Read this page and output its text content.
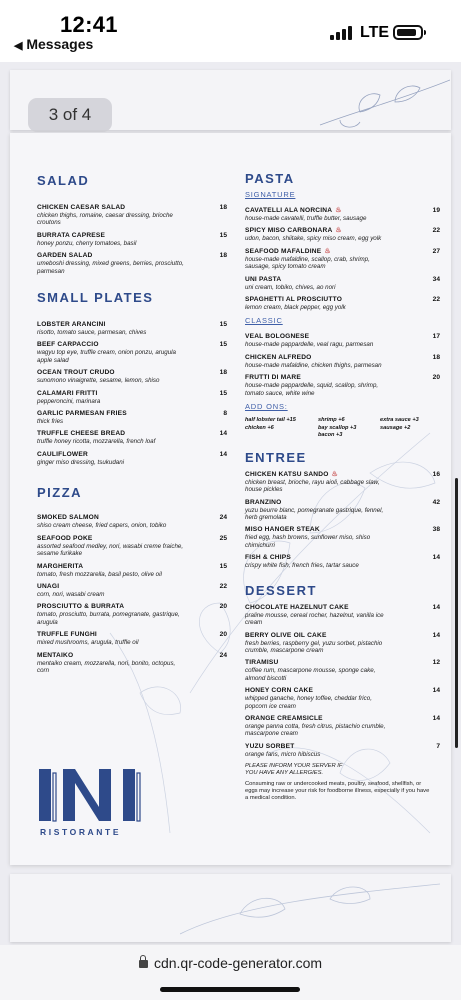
12:41
◀ Messages
LTE
3 of 4
SALAD
CHICKEN CAESAR SALAD
chicken thighs, romaine, caesar dressing, brioche croutons
18
BURRATA CAPRESE
honey ponzu, cherry tomatoes, basil
15
GARDEN SALAD
umeboshi dressing, mixed greens, berries, prosciutto, parmesan
18
SMALL PLATES
LOBSTER ARANCINI
risotto, tomato sauce, parmesan, chives
15
BEEF CARPACCIO
wagyu top eye, truffle cream, onion ponzu, arugula apple salad
15
OCEAN TROUT CRUDO
sunomono vinaigrette, sesame, lemon, shiso
18
CALAMARI FRITTI
pepperoncini, marinara
15
GARLIC PARMESAN FRIES
thick fries
8
TRUFFLE CHEESE BREAD
truffle honey ricotta, mozzarella, french loaf
14
CAULIFLOWER
ginger miso dressing, tsukudani
14
PIZZA
SMOKED SALMON
shiso cream cheese, fried capers, onion, tobiko
24
SEAFOOD POKE
assorted seafood medley, nori, wasabi creme fraiche, sesame furikake
25
MARGHERITA
tomato, fresh mozzarella, basil pesto, olive oil
15
UNAGI
corn, nori, wasabi cream
22
PROSCIUTTO & BURRATA
tomato, prosciutto, burrata, pomegranate, gastrique, arugula
20
TRUFFLE FUNGHI
mixed mushrooms, arugula, truffle oil
20
MENTAIKO
mentaiko cream, mozzarella, nori, bonito, octopus, corn
24
INI
RISTORANTE
PASTA
SIGNATURE
CAVATELLI ALA NORCINA ♨
house-made cavatelli, truffle butter, sausage
19
SPICY MISO CARBONARA ♨
udon, bacon, shiitake, spicy miso cream, egg yolk
22
SEAFOOD MAFALDINE ♨
house-made mafaldine, scallop, crab, shrimp, sausage, spicy tomato cream
27
UNI PASTA
uni cream, tobiko, chives, ao nori
34
SPAGHETTI AL PROSCIUTTO
lemon cream, black pepper, egg yolk
22
CLASSIC
VEAL BOLOGNESE
house-made pappardelle, veal ragu, parmesan
17
CHICKEN ALFREDO
house-made mafaldine, chicken thighs, parmesan
18
FRUTTI DI MARE
house-made pappardelle, squid, scallop, shrimp, tomato sauce, white wine
20
ADD ONS:
half lobster tail +15	shrimp +6	extra sauce +3
chicken +6	bay scallop +3	sausage +2
bacon +3
ENTREE
CHICKEN KATSU SANDO ♨
chicken breast, brioche, rayu aioli, cabbage slaw, house pickles
16
BRANZINO
yuzu beurre blanc, pomegranate gastrique, fennel, herb gremolata
42
MISO HANGER STEAK
fried egg, hash browns, sunflower miso, shiso chimichurri
38
FISH & CHIPS
crispy white fish, french fries, tartar sauce
14
DESSERT
CHOCOLATE HAZELNUT CAKE
praline mousse, cereal rocher, hazelnut, vanilla ice cream
14
BERRY OLIVE OIL CAKE
fresh berries, raspberry gel, yuzu sorbet, pistachio crumble, mascarpone cream
14
TIRAMISU
coffee rum, mascarpone mousse, sponge cake, almond biscotti
12
HONEY CORN CAKE
whipped ganache, honey toffee, cheddar frico, popcorn ice cream
14
ORANGE CREAMSICLE
orange panna cotta, fresh citrus, pistachio crumble, mascarpone cream
14
YUZU SORBET
orange fans, micro hibiscus
7
PLEASE INFORM YOUR SERVER IF YOU HAVE ANY ALLERGIES.
Consuming raw or undercooked meats, poultry, seafood, shellfish, or eggs may increase your risk for foodborne illness, especially if you have a medical condition.
cdn.qr-code-generator.com
